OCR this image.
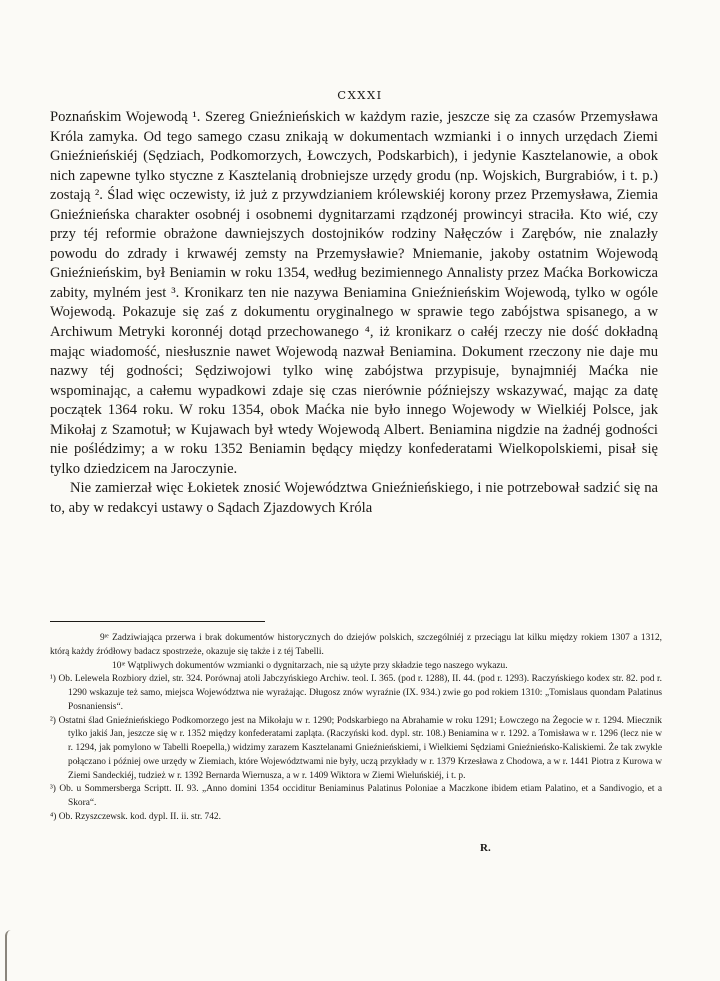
CXXXI

Poznańskim Wojewodą ¹. Szereg Gnieźnieńskich w każdym razie, jeszcze się za czasów Przemysława Króla zamyka. Od tego samego czasu znikają w dokumentach wzmianki i o innych urzędach Ziemi Gnieźnieńskiéj (Sędziach, Podkomorzych, Łowczych, Podskarbich), i jedynie Kasztelanowie, a obok nich zapewne tylko styczne z Kasztelanią drobniejsze urzędy grodu (np. Wojskich, Burgrabiów, i t. p.) zostają ². Ślad więc oczewisty, iż już z przywdzianiem królewskiéj korony przez Przemysława, Ziemia Gnieźnieńska charakter osobnéj i osobnemi dygnitarzami rządzonéj prowincyi straciła. Kto wié, czy przy téj reformie obrażone dawniejszych dostojników rodziny Nałęczów i Zarębów, nie znalazły powodu do zdrady i krwawéj zemsty na Przemysławie? Mniemanie, jakoby ostatnim Wojewodą Gnieźnieńskim, był Beniamin w roku 1354, według bezimiennego Annalisty przez Maćka Borkowicza zabity, mylném jest ³. Kronikarz ten nie nazywa Beniamina Gnieźnieńskim Wojewodą, tylko w ogóle Wojewodą. Pokazuje się zaś z dokumentu oryginalnego w sprawie tego zabójstwa spisanego, a w Archiwum Metryki koronnéj dotąd przechowanego ⁴, iż kronikarz o całéj rzeczy nie dość dokładną mając wiadomość, niesłusznie nawet Wojewodą nazwał Beniamina. Dokument rzeczony nie daje mu nazwy téj godności; Sędziwojowi tylko winę zabójstwa przypisuje, bynajmniéj Maćka nie wspominając, a całemu wypadkowi zdaje się czas nierównie późniejszy wskazywać, mając za datę początek 1364 roku. W roku 1354, obok Maćka nie było innego Wojewody w Wielkiéj Polsce, jak Mikołaj z Szamotuł; w Kujawach był wtedy Wojewodą Albert. Beniamina nigdzie na żadnéj godności nie poślédzimy; a w roku 1352 Beniamin będący między konfederatami Wielkopolskiemi, pisał się tylko dziedzicem na Jaroczynie.

Nie zamierzał więc Łokietek znosić Województwa Gnieźnieńskiego, i nie potrzebował sadzić się na to, aby w redakcyi ustawy o Sądach Zjazdowych Króla

9ᶦᵉ Zadziwiająca przerwa i brak dokumentów historycznych do dziejów polskich, szczególniéj z przeciągu lat kilku między rokiem 1307 a 1312, którą każdy źródłowy badacz spostrzeże, okazuje się także i z téj Tabelli.

10ᶦᵉ Wątpliwych dokumentów wzmianki o dygnitarzach, nie są użyte przy składzie tego naszego wykazu.

¹) Ob. Lelewela Rozbiory dziel, str. 324. Porównaj atoli Jabczyńskiego Archiw. teol. I. 365. (pod r. 1288), II. 44. (pod r. 1293). Raczyńskiego kodex str. 82. pod r. 1290 wskazuje też samo, miejsca Województwa nie wyrażając. Długosz znów wyraźnie (IX. 934.) zwie go pod rokiem 1310: „Tomislaus quondam Palatinus Posnaniensis“.

²) Ostatni ślad Gnieźnieńskiego Podkomorzego jest na Mikołaju w r. 1290; Podskarbiego na Abrahamie w roku 1291; Łowczego na Żegocie w r. 1294. Miecznik tylko jakiś Jan, jeszcze się w r. 1352 między konfederatami zapląta. (Raczyński kod. dypl. str. 108.) Beniamina w r. 1292. a Tomisława w r. 1296 (lecz nie w r. 1294, jak pomylono w Tabelli Roepella,) widzimy zarazem Kasztelanami Gnieźnieńskiemi, i Wielkiemi Sędziami Gnieźnieńsko-Kaliskiemi. Że tak zwykle połączano i później owe urzędy w Ziemiach, które Województwami nie były, uczą przykłady w r. 1379 Krzesława z Chodowa, a w r. 1441 Piotra z Kurowa w Ziemi Sandeckiéj, tudzież w r. 1392 Bernarda Wiernusza, a w r. 1409 Wiktora w Ziemi Wieluńskiéj, i t. p.

³) Ob. u Sommersberga Scriptt. II. 93. „Anno domini 1354 occiditur Beniaminus Palatinus Poloniae a Maczkone ibidem etiam Palatino, et a Sandivogio, et a Skora“.

⁴) Ob. Rzyszczewsk. kod. dypl. II. ii. str. 742.

R.
